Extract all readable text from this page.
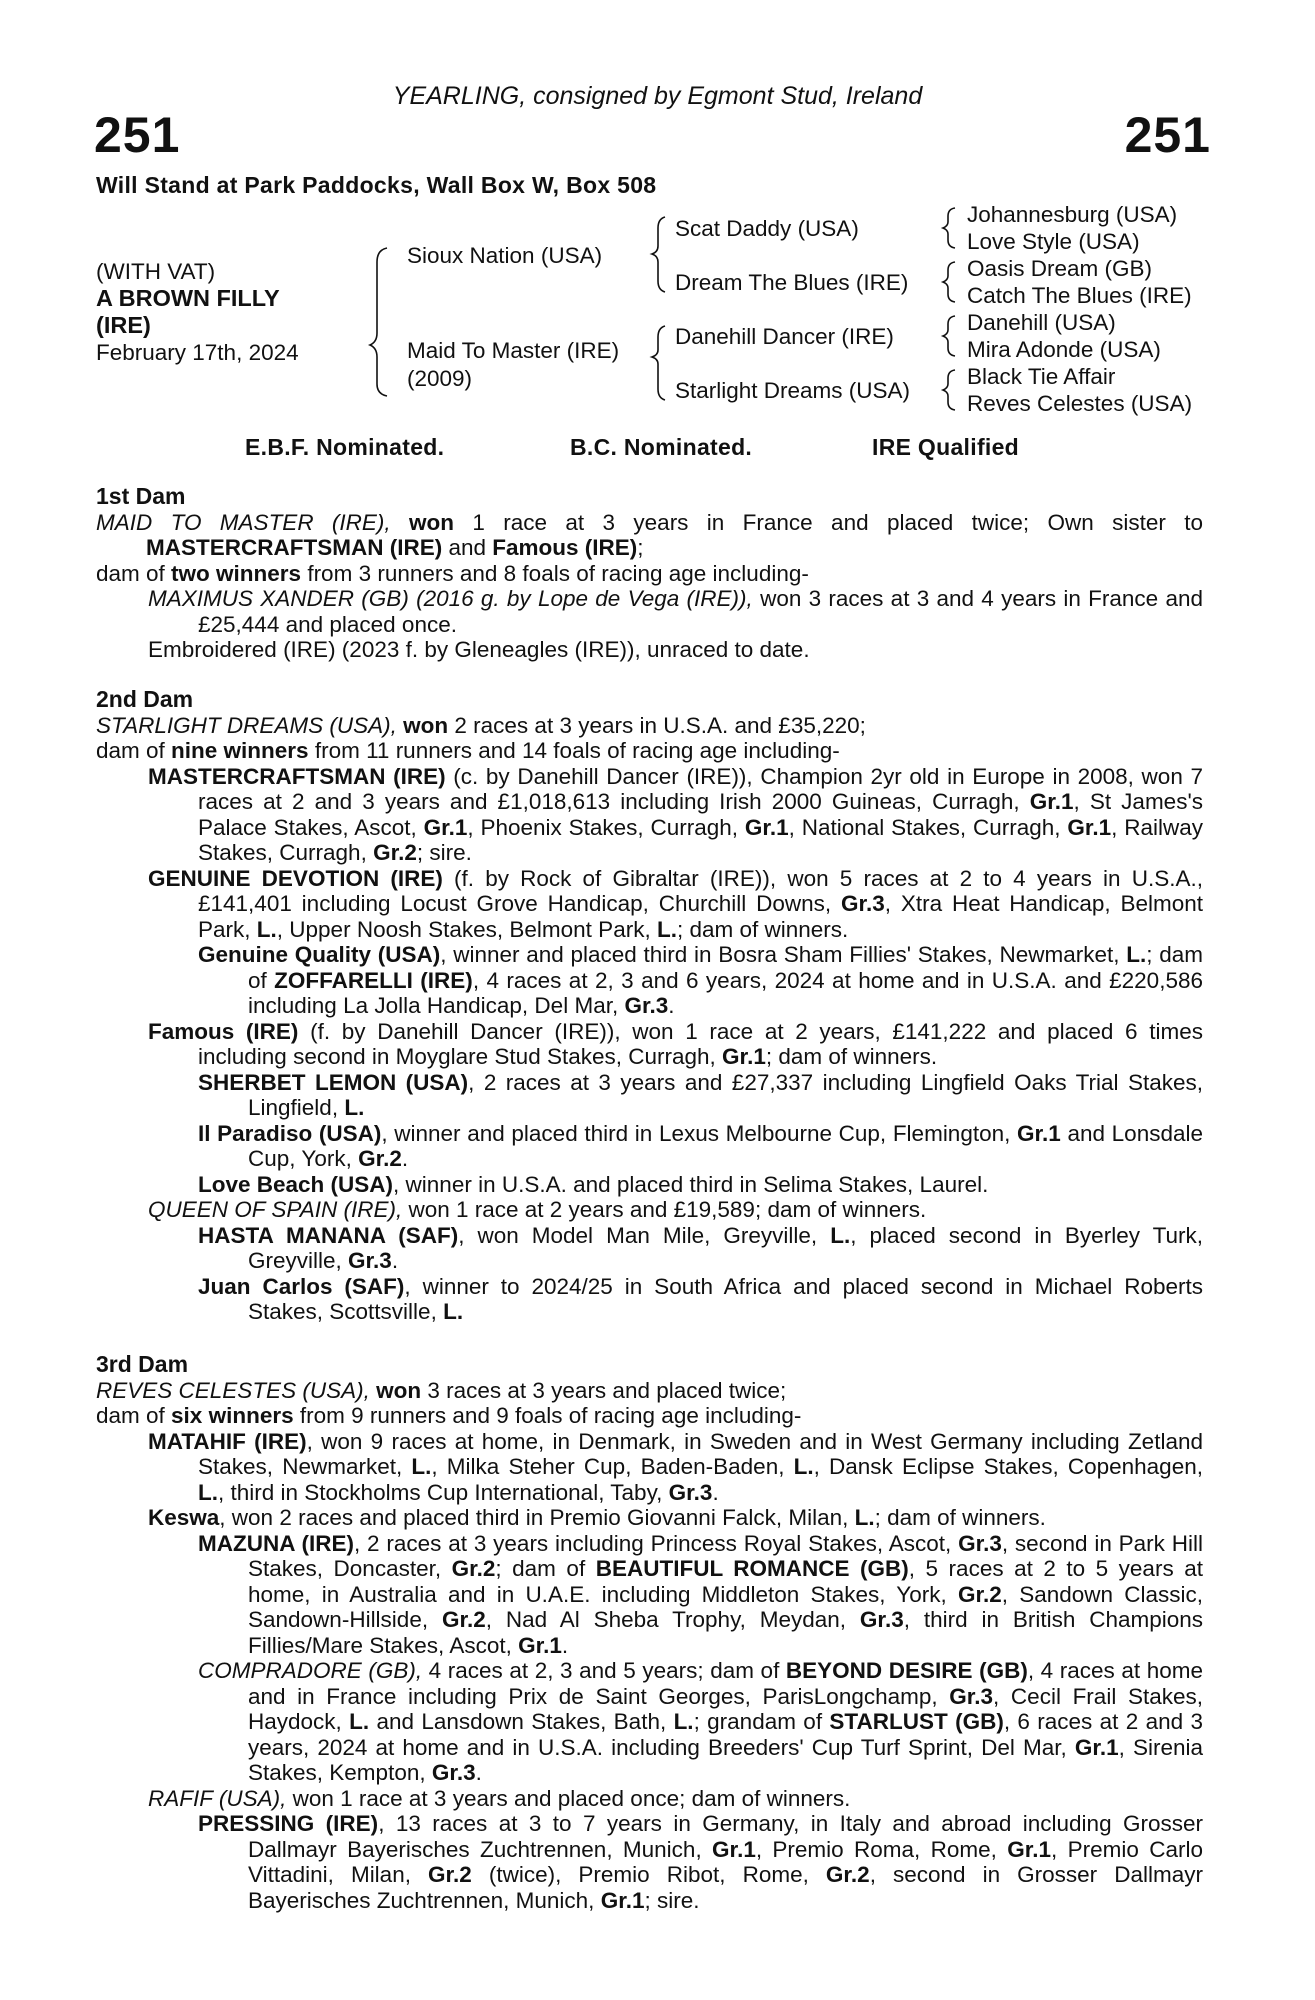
YEARLING, consigned by Egmont Stud, Ireland
251	251
Will Stand at Park Paddocks, Wall Box W, Box 508
(WITH VAT)
A BROWN FILLY
(IRE)
February 17th, 2024
Sioux Nation (USA)
Maid To Master (IRE)
(2009)
Scat Daddy (USA)
Dream The Blues (IRE)
Danehill Dancer (IRE)
Starlight Dreams (USA)
Johannesburg (USA)
Love Style (USA)
Oasis Dream (GB)
Catch The Blues (IRE)
Danehill (USA)
Mira Adonde (USA)
Black Tie Affair
Reves Celestes (USA)
E.B.F. Nominated.	B.C. Nominated.	IRE Qualified
1st Dam

MAID TO MASTER (IRE), won 1 race at 3 years in France and placed twice; Own sister to MASTERCRAFTSMAN (IRE) and Famous (IRE);

dam of two winners from 3 runners and 8 foals of racing age including-

MAXIMUS XANDER (GB) (2016 g. by Lope de Vega (IRE)), won 3 races at 3 and 4 years in France and £25,444 and placed once.

Embroidered (IRE) (2023 f. by Gleneagles (IRE)), unraced to date.

2nd Dam

STARLIGHT DREAMS (USA), won 2 races at 3 years in U.S.A. and £35,220;

dam of nine winners from 11 runners and 14 foals of racing age including-

MASTERCRAFTSMAN (IRE) (c. by Danehill Dancer (IRE)), Champion 2yr old in Europe in 2008, won 7 races at 2 and 3 years and £1,018,613 including Irish 2000 Guineas, Curragh, Gr.1, St James's Palace Stakes, Ascot, Gr.1, Phoenix Stakes, Curragh, Gr.1, National Stakes, Curragh, Gr.1, Railway Stakes, Curragh, Gr.2; sire.

GENUINE DEVOTION (IRE) (f. by Rock of Gibraltar (IRE)), won 5 races at 2 to 4 years in U.S.A., £141,401 including Locust Grove Handicap, Churchill Downs, Gr.3, Xtra Heat Handicap, Belmont Park, L., Upper Noosh Stakes, Belmont Park, L.; dam of winners.

Genuine Quality (USA), winner and placed third in Bosra Sham Fillies' Stakes, Newmarket, L.; dam of ZOFFARELLI (IRE), 4 races at 2, 3 and 6 years, 2024 at home and in U.S.A. and £220,586 including La Jolla Handicap, Del Mar, Gr.3.

Famous (IRE) (f. by Danehill Dancer (IRE)), won 1 race at 2 years, £141,222 and placed 6 times including second in Moyglare Stud Stakes, Curragh, Gr.1; dam of winners.

SHERBET LEMON (USA), 2 races at 3 years and £27,337 including Lingfield Oaks Trial Stakes, Lingfield, L.

Il Paradiso (USA), winner and placed third in Lexus Melbourne Cup, Flemington, Gr.1 and Lonsdale Cup, York, Gr.2.

Love Beach (USA), winner in U.S.A. and placed third in Selima Stakes, Laurel.

QUEEN OF SPAIN (IRE), won 1 race at 2 years and £19,589; dam of winners.

HASTA MANANA (SAF), won Model Man Mile, Greyville, L., placed second in Byerley Turk, Greyville, Gr.3.

Juan Carlos (SAF), winner to 2024/25 in South Africa and placed second in Michael Roberts Stakes, Scottsville, L.

3rd Dam

REVES CELESTES (USA), won 3 races at 3 years and placed twice;

dam of six winners from 9 runners and 9 foals of racing age including-

MATAHIF (IRE), won 9 races at home, in Denmark, in Sweden and in West Germany including Zetland Stakes, Newmarket, L., Milka Steher Cup, Baden-Baden, L., Dansk Eclipse Stakes, Copenhagen, L., third in Stockholms Cup International, Taby, Gr.3.

Keswa, won 2 races and placed third in Premio Giovanni Falck, Milan, L.; dam of winners.

MAZUNA (IRE), 2 races at 3 years including Princess Royal Stakes, Ascot, Gr.3, second in Park Hill Stakes, Doncaster, Gr.2; dam of BEAUTIFUL ROMANCE (GB), 5 races at 2 to 5 years at home, in Australia and in U.A.E. including Middleton Stakes, York, Gr.2, Sandown Classic, Sandown-Hillside, Gr.2, Nad Al Sheba Trophy, Meydan, Gr.3, third in British Champions Fillies/Mare Stakes, Ascot, Gr.1.

COMPRADORE (GB), 4 races at 2, 3 and 5 years; dam of BEYOND DESIRE (GB), 4 races at home and in France including Prix de Saint Georges, ParisLongchamp, Gr.3, Cecil Frail Stakes, Haydock, L. and Lansdown Stakes, Bath, L.; grandam of STARLUST (GB), 6 races at 2 and 3 years, 2024 at home and in U.S.A. including Breeders' Cup Turf Sprint, Del Mar, Gr.1, Sirenia Stakes, Kempton, Gr.3.

RAFIF (USA), won 1 race at 3 years and placed once; dam of winners.

PRESSING (IRE), 13 races at 3 to 7 years in Germany, in Italy and abroad including Grosser Dallmayr Bayerisches Zuchtrennen, Munich, Gr.1, Premio Roma, Rome, Gr.1, Premio Carlo Vittadini, Milan, Gr.2 (twice), Premio Ribot, Rome, Gr.2, second in Grosser Dallmayr Bayerisches Zuchtrennen, Munich, Gr.1; sire.
